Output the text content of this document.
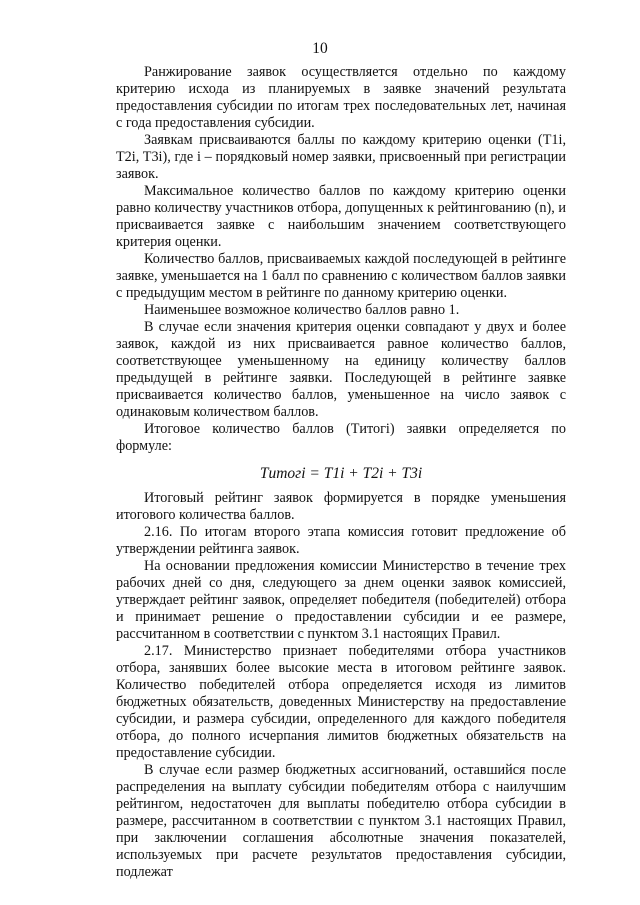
10

Ранжирование заявок осуществляется отдельно по каждому критерию исхода из планируемых в заявке значений результата предоставления субсидии по итогам трех последовательных лет, начиная с года предоставления субсидии.

Заявкам присваиваются баллы по каждому критерию оценки (T1i, T2i, T3i), где i – порядковый номер заявки, присвоенный при регистрации заявок.

Максимальное количество баллов по каждому критерию оценки равно количеству участников отбора, допущенных к рейтингованию (n), и присваивается заявке с наибольшим значением соответствующего критерия оценки.

Количество баллов, присваиваемых каждой последующей в рейтинге заявке, уменьшается на 1 балл по сравнению с количеством баллов заявки с предыдущим местом в рейтинге по данному критерию оценки.

Наименьшее возможное количество баллов равно 1.

В случае если значения критерия оценки совпадают у двух и более заявок, каждой из них присваивается равное количество баллов, соответствующее уменьшенному на единицу количеству баллов предыдущей в рейтинге заявки. Последующей в рейтинге заявке присваивается количество баллов, уменьшенное на число заявок с одинаковым количеством баллов.

Итоговое количество баллов (Tитогi) заявки определяется по формуле:

Tитогi = T1i + T2i + T3i

Итоговый рейтинг заявок формируется в порядке уменьшения итогового количества баллов.

2.16. По итогам второго этапа комиссия готовит предложение об утверждении рейтинга заявок.

На основании предложения комиссии Министерство в течение трех рабочих дней со дня, следующего за днем оценки заявок комиссией, утверждает рейтинг заявок, определяет победителя (победителей) отбора и принимает решение о предоставлении субсидии и ее размере, рассчитанном в соответствии с пунктом 3.1 настоящих Правил.

2.17. Министерство признает победителями отбора участников отбора, занявших более высокие места в итоговом рейтинге заявок. Количество победителей отбора определяется исходя из лимитов бюджетных обязательств, доведенных Министерству на предоставление субсидии, и размера субсидии, определенного для каждого победителя отбора, до полного исчерпания лимитов бюджетных обязательств на предоставление субсидии.

В случае если размер бюджетных ассигнований, оставшийся после распределения на выплату субсидии победителям отбора с наилучшим рейтингом, недостаточен для выплаты победителю отбора субсидии в размере, рассчитанном в соответствии с пунктом 3.1 настоящих Правил, при заключении соглашения абсолютные значения показателей, используемых при расчете результатов предоставления субсидии, подлежат
